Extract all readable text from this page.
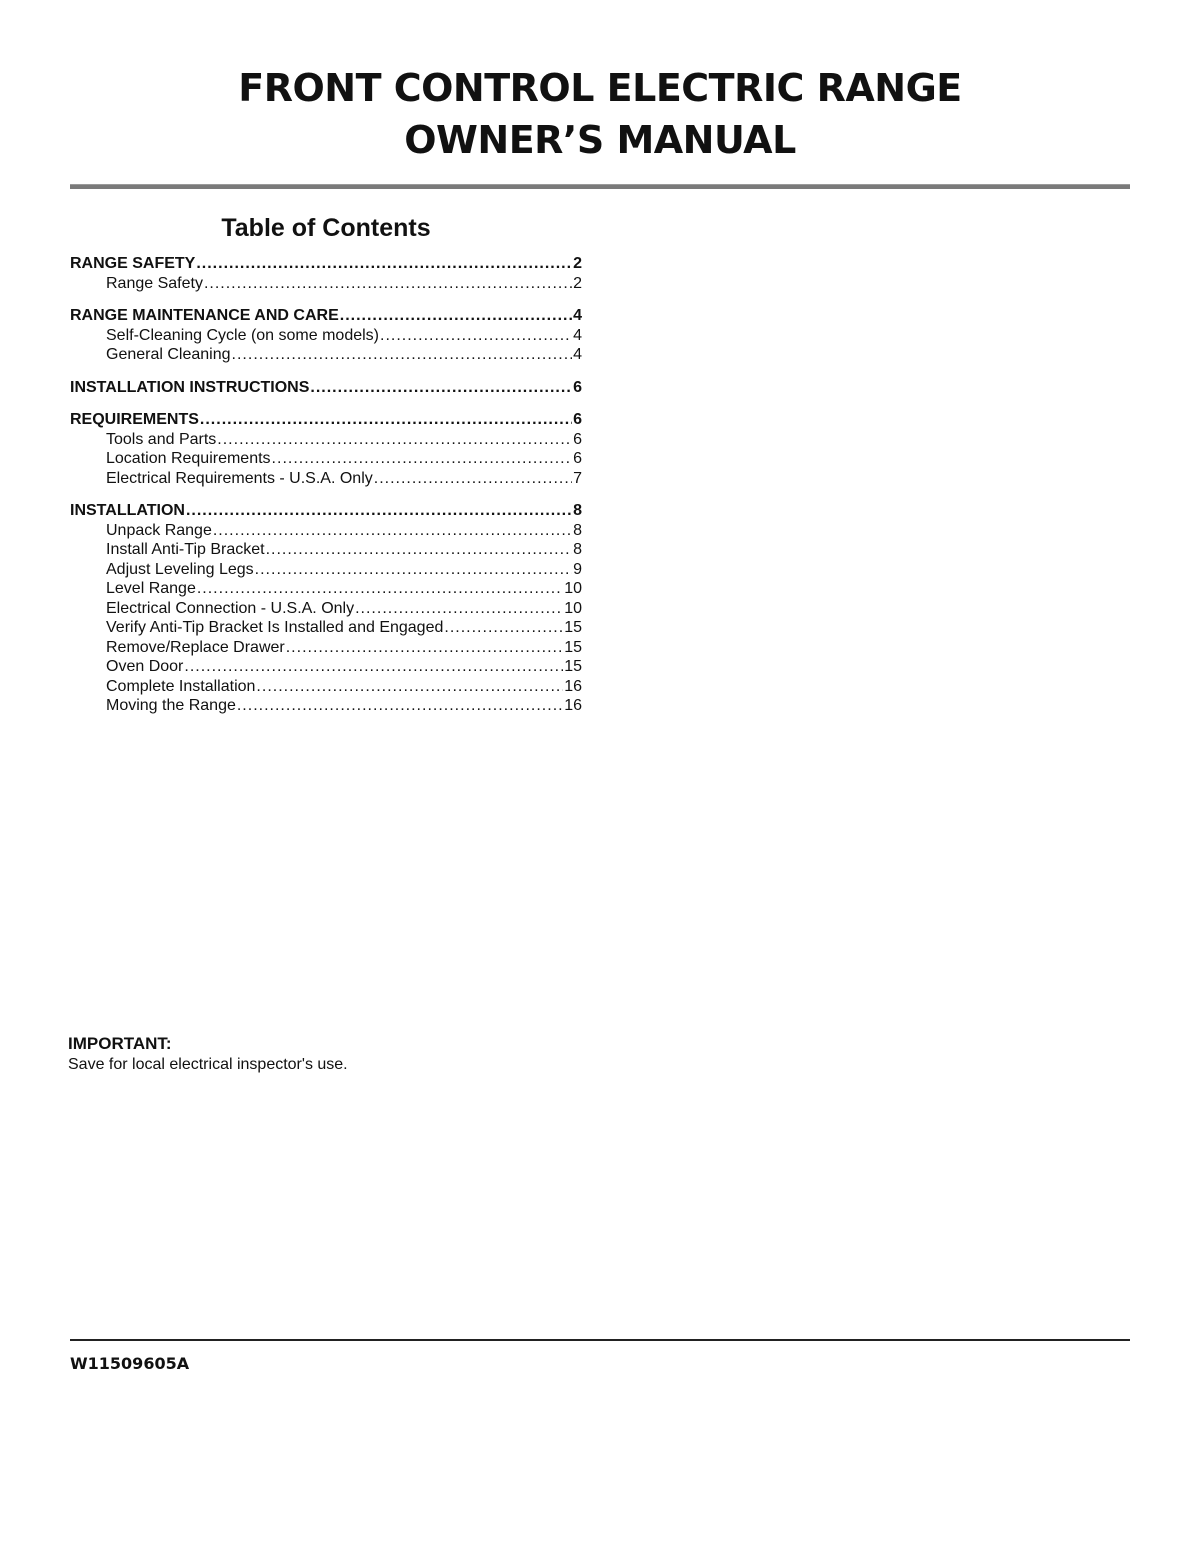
FRONT CONTROL ELECTRIC RANGE
OWNER’S MANUAL
Table of Contents
RANGE SAFETY .....	2
Range Safety .....	2
RANGE MAINTENANCE AND CARE .....	4
Self-Cleaning Cycle (on some models) .....	4
General Cleaning .....	4
INSTALLATION INSTRUCTIONS .....	6
REQUIREMENTS .....	6
Tools and Parts .....	6
Location Requirements .....	6
Electrical Requirements - U.S.A. Only .....	7
INSTALLATION .....	8
Unpack Range .....	8
Install Anti-Tip Bracket .....	8
Adjust Leveling Legs .....	9
Level Range .....	10
Electrical Connection - U.S.A. Only .....	10
Verify Anti-Tip Bracket Is Installed and Engaged .....	15
Remove/Replace Drawer .....	15
Oven Door .....	15
Complete Installation .....	16
Moving the Range .....	16
IMPORTANT:
Save for local electrical inspector's use.
W11509605A
